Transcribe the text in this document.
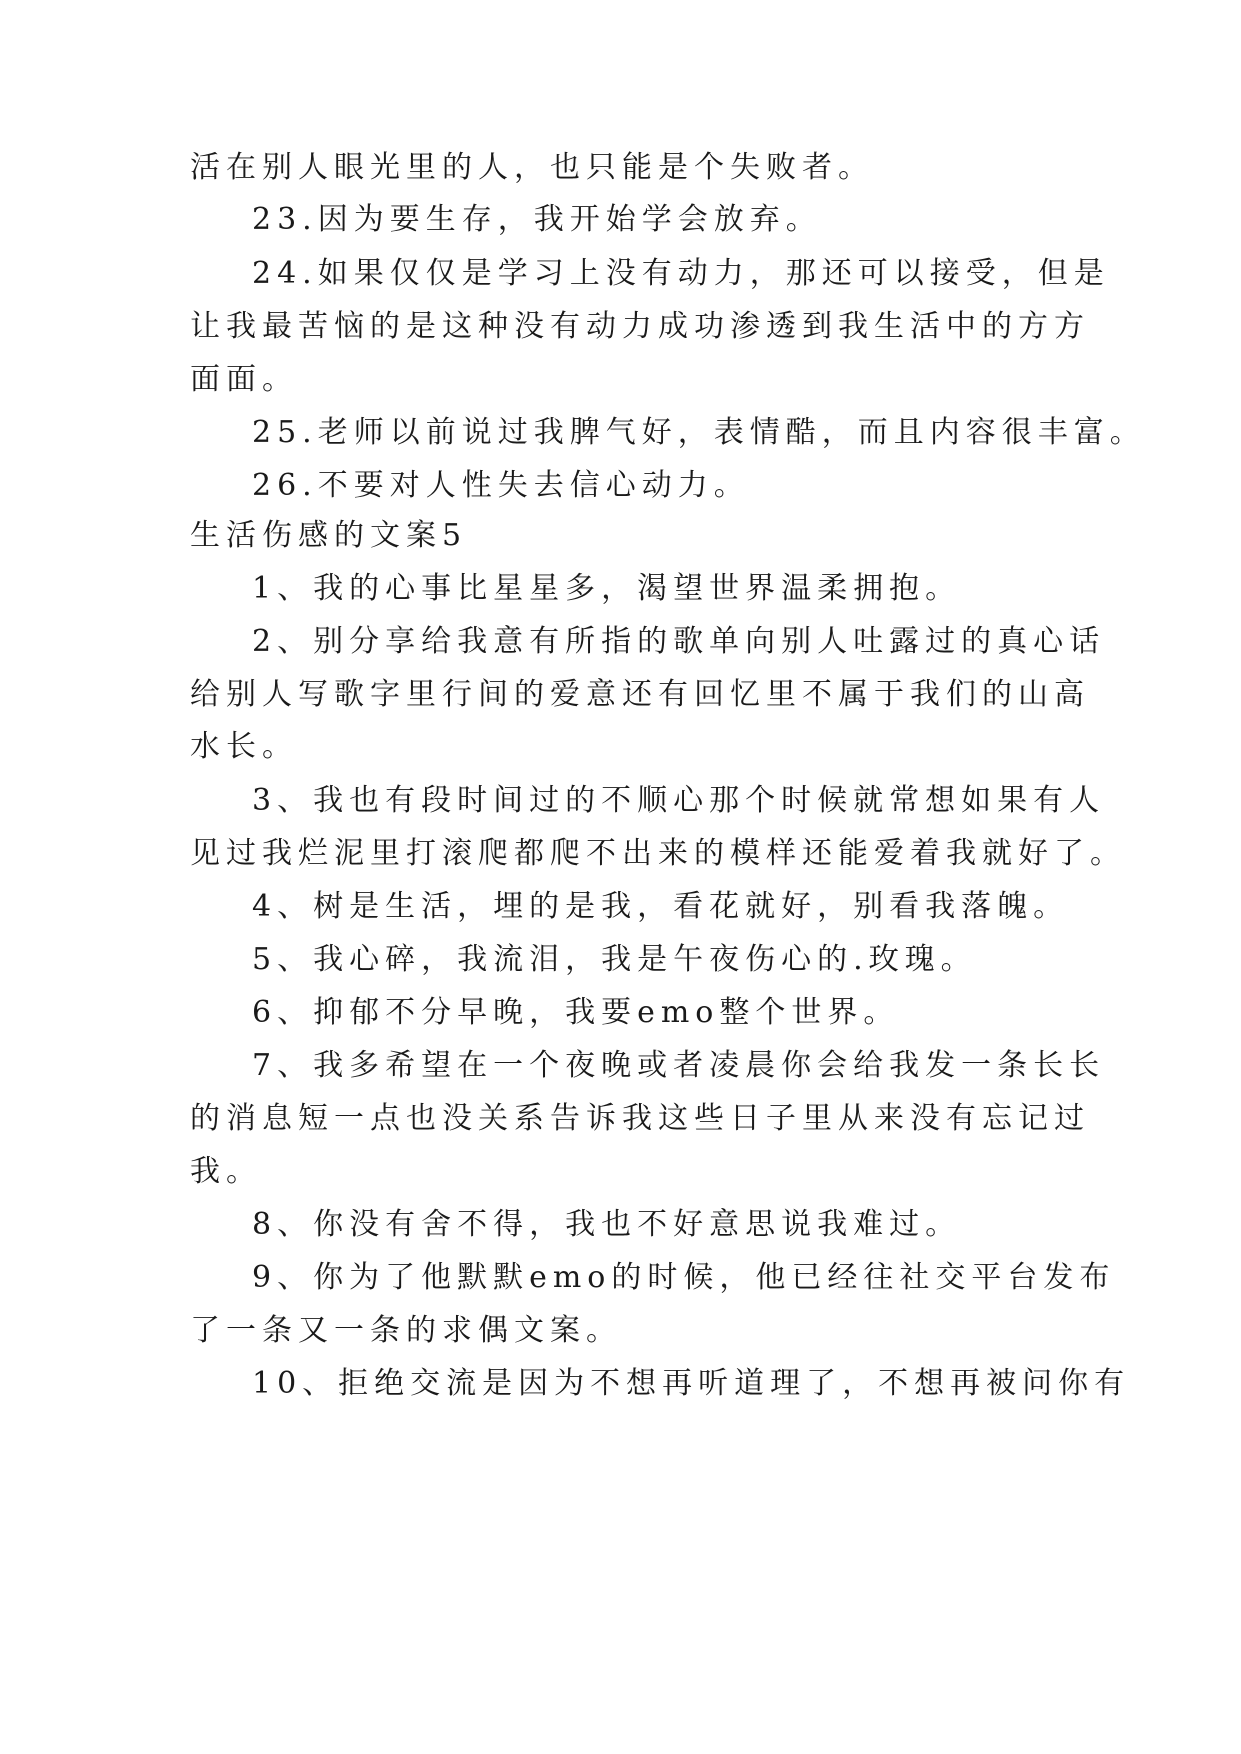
活在别人眼光里的人，也只能是个失败者。
23.因为要生存，我开始学会放弃。
24.如果仅仅是学习上没有动力，那还可以接受，但是
让我最苦恼的是这种没有动力成功渗透到我生活中的方方
面面。
25.老师以前说过我脾气好，表情酷，而且内容很丰富。
26.不要对人性失去信心动力。
生活伤感的文案5
1、我的心事比星星多，渴望世界温柔拥抱。
2、别分享给我意有所指的歌单向别人吐露过的真心话
给别人写歌字里行间的爱意还有回忆里不属于我们的山高
水长。
3、我也有段时间过的不顺心那个时候就常想如果有人
见过我烂泥里打滚爬都爬不出来的模样还能爱着我就好了。
4、树是生活，埋的是我，看花就好，别看我落魄。
5、我心碎，我流泪，我是午夜伤心的.玫瑰。
6、抑郁不分早晚，我要emo整个世界。
7、我多希望在一个夜晚或者凌晨你会给我发一条长长
的消息短一点也没关系告诉我这些日子里从来没有忘记过
我。
8、你没有舍不得，我也不好意思说我难过。
9、你为了他默默emo的时候，他已经往社交平台发布
了一条又一条的求偶文案。
10、拒绝交流是因为不想再听道理了，不想再被问你有
